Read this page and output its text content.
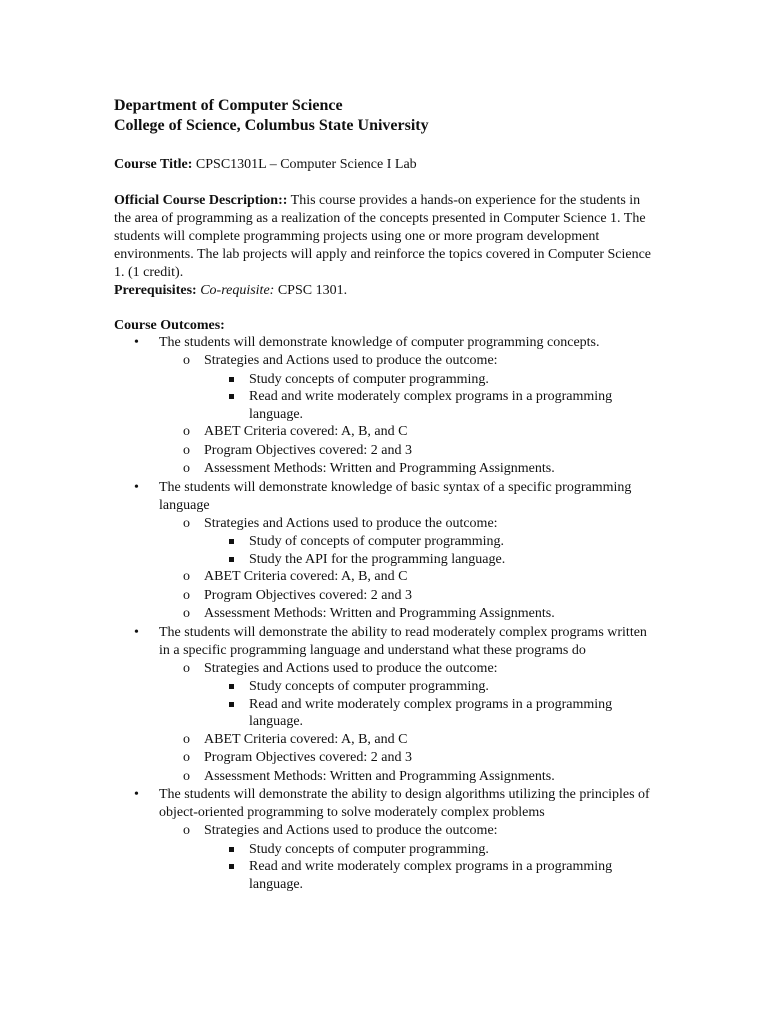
Department of Computer Science
College of Science, Columbus State University
Course Title: CPSC1301L – Computer Science I Lab
Official Course Description:: This course provides a hands-on experience for the students in the area of programming as a realization of the concepts presented in Computer Science 1. The students will complete programming projects using one or more program development environments. The lab projects will apply and reinforce the topics covered in Computer Science 1. (1 credit).
Prerequisites: Co-requisite: CPSC 1301.
Course Outcomes:
• The students will demonstrate knowledge of computer programming concepts.
o Strategies and Actions used to produce the outcome:
Study concepts of computer programming.
Read and write moderately complex programs in a programming language.
o ABET Criteria covered: A, B, and C
o Program Objectives covered: 2 and 3
o Assessment Methods: Written and Programming Assignments.
• The students will demonstrate knowledge of basic syntax of a specific programming language
o Strategies and Actions used to produce the outcome:
Study of concepts of computer programming.
Study the API for the programming language.
o ABET Criteria covered: A, B, and C
o Program Objectives covered: 2 and 3
o Assessment Methods: Written and Programming Assignments.
• The students will demonstrate the ability to read moderately complex programs written in a specific programming language and understand what these programs do
o Strategies and Actions used to produce the outcome:
Study concepts of computer programming.
Read and write moderately complex programs in a programming language.
o ABET Criteria covered: A, B, and C
o Program Objectives covered: 2 and 3
o Assessment Methods: Written and Programming Assignments.
• The students will demonstrate the ability to design algorithms utilizing the principles of object-oriented programming to solve moderately complex problems
o Strategies and Actions used to produce the outcome:
Study concepts of computer programming.
Read and write moderately complex programs in a programming language.
